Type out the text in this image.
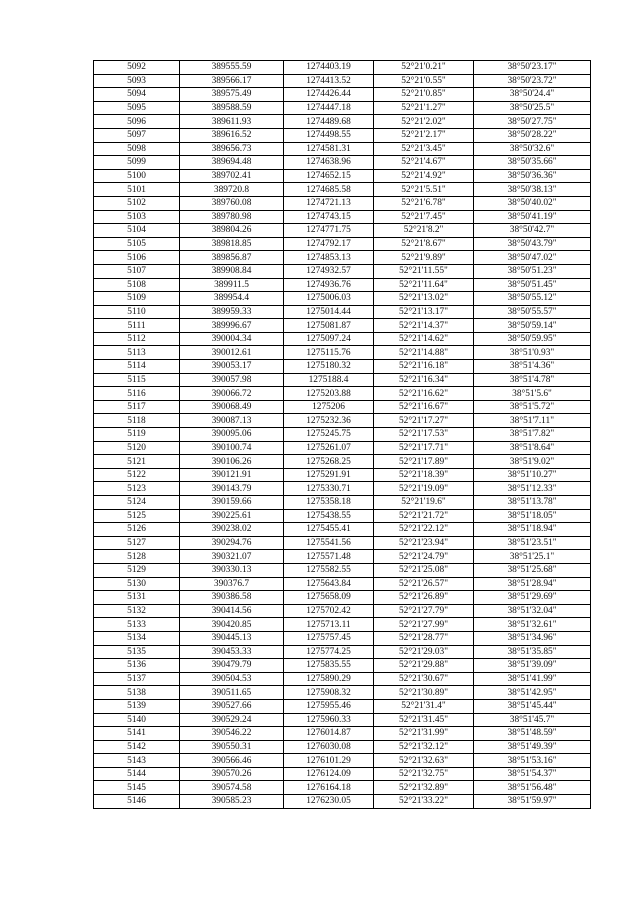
5092	389555.59	1274403.19	52°21'0.21"	38°50'23.17"
5093	389566.17	1274413.52	52°21'0.55"	38°50'23.72"
5094	389575.49	1274426.44	52°21'0.85"	38°50'24.4"
5095	389588.59	1274447.18	52°21'1.27"	38°50'25.5"
5096	389611.93	1274489.68	52°21'2.02"	38°50'27.75"
5097	389616.52	1274498.55	52°21'2.17"	38°50'28.22"
5098	389656.73	1274581.31	52°21'3.45"	38°50'32.6"
5099	389694.48	1274638.96	52°21'4.67"	38°50'35.66"
5100	389702.41	1274652.15	52°21'4.92"	38°50'36.36"
5101	389720.8	1274685.58	52°21'5.51"	38°50'38.13"
5102	389760.08	1274721.13	52°21'6.78"	38°50'40.02"
5103	389780.98	1274743.15	52°21'7.45"	38°50'41.19"
5104	389804.26	1274771.75	52°21'8.2"	38°50'42.7"
5105	389818.85	1274792.17	52°21'8.67"	38°50'43.79"
5106	389856.87	1274853.13	52°21'9.89"	38°50'47.02"
5107	389908.84	1274932.57	52°21'11.55"	38°50'51.23"
5108	389911.5	1274936.76	52°21'11.64"	38°50'51.45"
5109	389954.4	1275006.03	52°21'13.02"	38°50'55.12"
5110	389959.33	1275014.44	52°21'13.17"	38°50'55.57"
5111	389996.67	1275081.87	52°21'14.37"	38°50'59.14"
5112	390004.34	1275097.24	52°21'14.62"	38°50'59.95"
5113	390012.61	1275115.76	52°21'14.88"	38°51'0.93"
5114	390053.17	1275180.32	52°21'16.18"	38°51'4.36"
5115	390057.98	1275188.4	52°21'16.34"	38°51'4.78"
5116	390066.72	1275203.88	52°21'16.62"	38°51'5.6"
5117	390068.49	1275206	52°21'16.67"	38°51'5.72"
5118	390087.13	1275232.36	52°21'17.27"	38°51'7.11"
5119	390095.06	1275245.75	52°21'17.53"	38°51'7.82"
5120	390100.74	1275261.07	52°21'17.71"	38°51'8.64"
5121	390106.26	1275268.25	52°21'17.89"	38°51'9.02"
5122	390121.91	1275291.91	52°21'18.39"	38°51'10.27"
5123	390143.79	1275330.71	52°21'19.09"	38°51'12.33"
5124	390159.66	1275358.18	52°21'19.6"	38°51'13.78"
5125	390225.61	1275438.55	52°21'21.72"	38°51'18.05"
5126	390238.02	1275455.41	52°21'22.12"	38°51'18.94"
5127	390294.76	1275541.56	52°21'23.94"	38°51'23.51"
5128	390321.07	1275571.48	52°21'24.79"	38°51'25.1"
5129	390330.13	1275582.55	52°21'25.08"	38°51'25.68"
5130	390376.7	1275643.84	52°21'26.57"	38°51'28.94"
5131	390386.58	1275658.09	52°21'26.89"	38°51'29.69"
5132	390414.56	1275702.42	52°21'27.79"	38°51'32.04"
5133	390420.85	1275713.11	52°21'27.99"	38°51'32.61"
5134	390445.13	1275757.45	52°21'28.77"	38°51'34.96"
5135	390453.33	1275774.25	52°21'29.03"	38°51'35.85"
5136	390479.79	1275835.55	52°21'29.88"	38°51'39.09"
5137	390504.53	1275890.29	52°21'30.67"	38°51'41.99"
5138	390511.65	1275908.32	52°21'30.89"	38°51'42.95"
5139	390527.66	1275955.46	52°21'31.4"	38°51'45.44"
5140	390529.24	1275960.33	52°21'31.45"	38°51'45.7"
5141	390546.22	1276014.87	52°21'31.99"	38°51'48.59"
5142	390550.31	1276030.08	52°21'32.12"	38°51'49.39"
5143	390566.46	1276101.29	52°21'32.63"	38°51'53.16"
5144	390570.26	1276124.09	52°21'32.75"	38°51'54.37"
5145	390574.58	1276164.18	52°21'32.89"	38°51'56.48"
5146	390585.23	1276230.05	52°21'33.22"	38°51'59.97"
